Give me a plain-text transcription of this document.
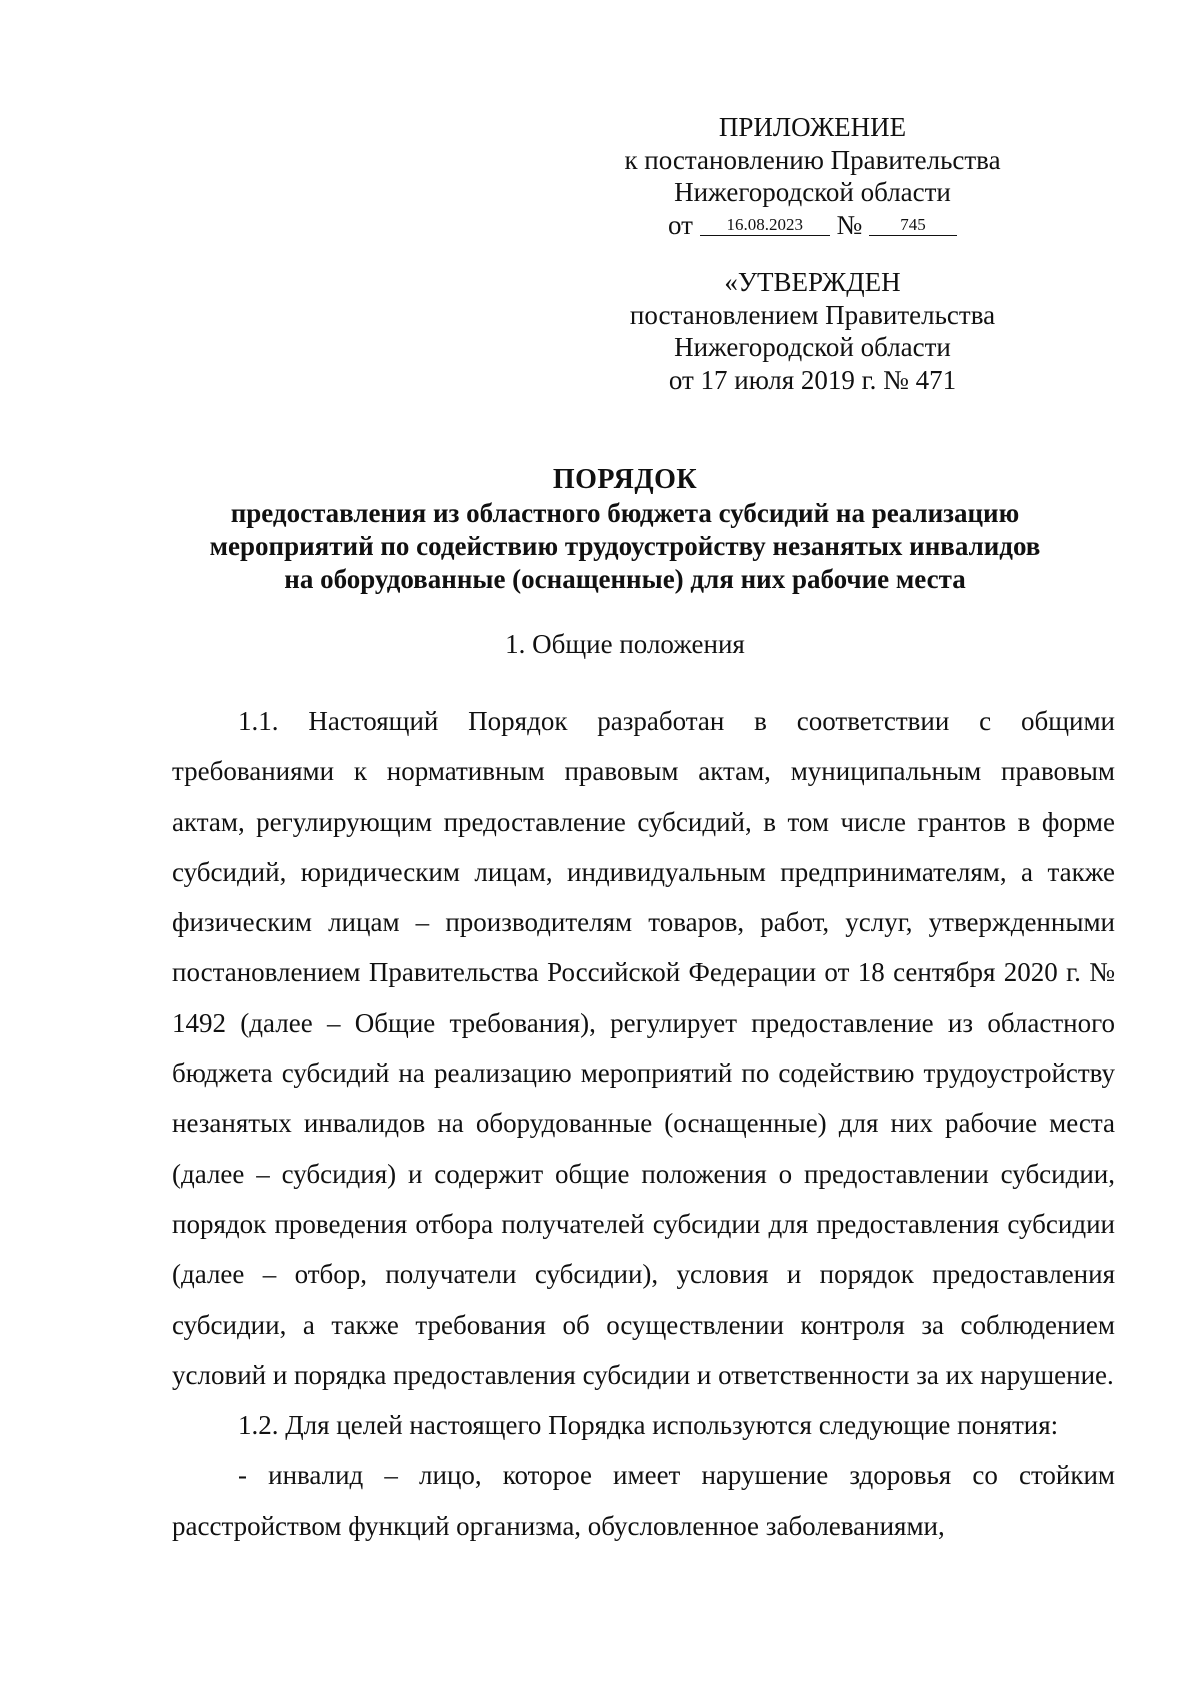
ПРИЛОЖЕНИЕ
к постановлению Правительства
Нижегородской области
от 16.08.2023 № 745
«УТВЕРЖДЕН
постановлением Правительства
Нижегородской области
от 17 июля 2019 г. № 471
ПОРЯДОК
предоставления из областного бюджета субсидий на реализацию
мероприятий по содействию трудоустройству незанятых инвалидов
на оборудованные (оснащенные) для них рабочие места
1. Общие положения

1.1. Настоящий Порядок разработан в соответствии с общими требованиями к нормативным правовым актам, муниципальным правовым актам, регулирующим предоставление субсидий, в том числе грантов в форме субсидий, юридическим лицам, индивидуальным предпринимателям, а также физическим лицам – производителям товаров, работ, услуг, утвержденными постановлением Правительства Российской Федерации от 18 сентября 2020 г. № 1492 (далее – Общие требования), регулирует предоставление из областного бюджета субсидий на реализацию мероприятий по содействию трудоустройству незанятых инвалидов на оборудованные (оснащенные) для них рабочие места (далее – субсидия) и содержит общие положения о предоставлении субсидии, порядок проведения отбора получателей субсидии для предоставления субсидии (далее – отбор, получатели субсидии), условия и порядок предоставления субсидии, а также требования об осуществлении контроля за соблюдением условий и порядка предоставления субсидии и ответственности за их нарушение.

1.2. Для целей настоящего Порядка используются следующие понятия:

- инвалид – лицо, которое имеет нарушение здоровья со стойким расстройством функций организма, обусловленное заболеваниями,
